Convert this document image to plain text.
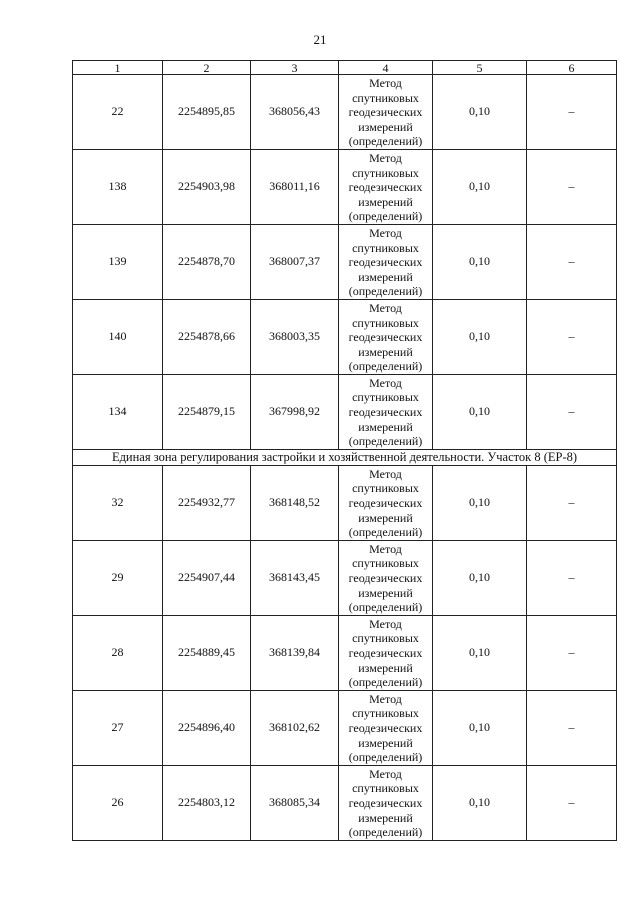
21
1	2	3	4	5	6
22	2254895,85	368056,43	Метод
спутниковых
геодезических
измерений
(определений)	0,10	–
138	2254903,98	368011,16	Метод
спутниковых
геодезических
измерений
(определений)	0,10	–
139	2254878,70	368007,37	Метод
спутниковых
геодезических
измерений
(определений)	0,10	–
140	2254878,66	368003,35	Метод
спутниковых
геодезических
измерений
(определений)	0,10	–
134	2254879,15	367998,92	Метод
спутниковых
геодезических
измерений
(определений)	0,10	–
Единая зона регулирования застройки и хозяйственной деятельности. Участок 8 (ЕР-8)					
32	2254932,77	368148,52	Метод
спутниковых
геодезических
измерений
(определений)	0,10	–
29	2254907,44	368143,45	Метод
спутниковых
геодезических
измерений
(определений)	0,10	–
28	2254889,45	368139,84	Метод
спутниковых
геодезических
измерений
(определений)	0,10	–
27	2254896,40	368102,62	Метод
спутниковых
геодезических
измерений
(определений)	0,10	–
26	2254803,12	368085,34	Метод
спутниковых
геодезических
измерений
(определений)	0,10	–
